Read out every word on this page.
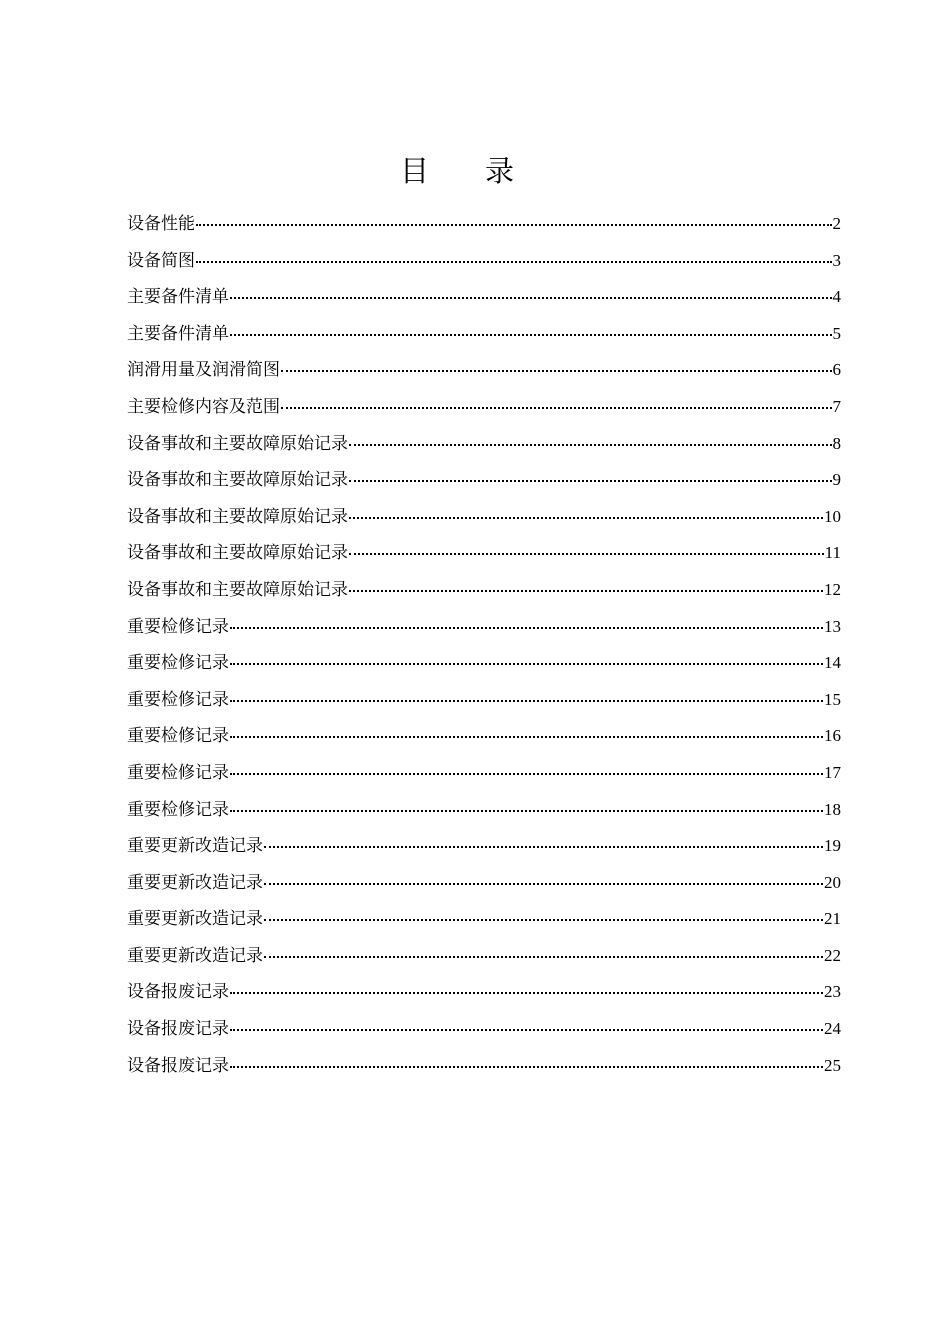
目录
设备性能	2
设备简图	3
主要备件清单	4
主要备件清单	5
润滑用量及润滑简图	6
主要检修内容及范围	7
设备事故和主要故障原始记录	8
设备事故和主要故障原始记录	9
设备事故和主要故障原始记录	10
设备事故和主要故障原始记录	11
设备事故和主要故障原始记录	12
重要检修记录	13
重要检修记录	14
重要检修记录	15
重要检修记录	16
重要检修记录	17
重要检修记录	18
重要更新改造记录	19
重要更新改造记录	20
重要更新改造记录	21
重要更新改造记录	22
设备报废记录	23
设备报废记录	24
设备报废记录	25
